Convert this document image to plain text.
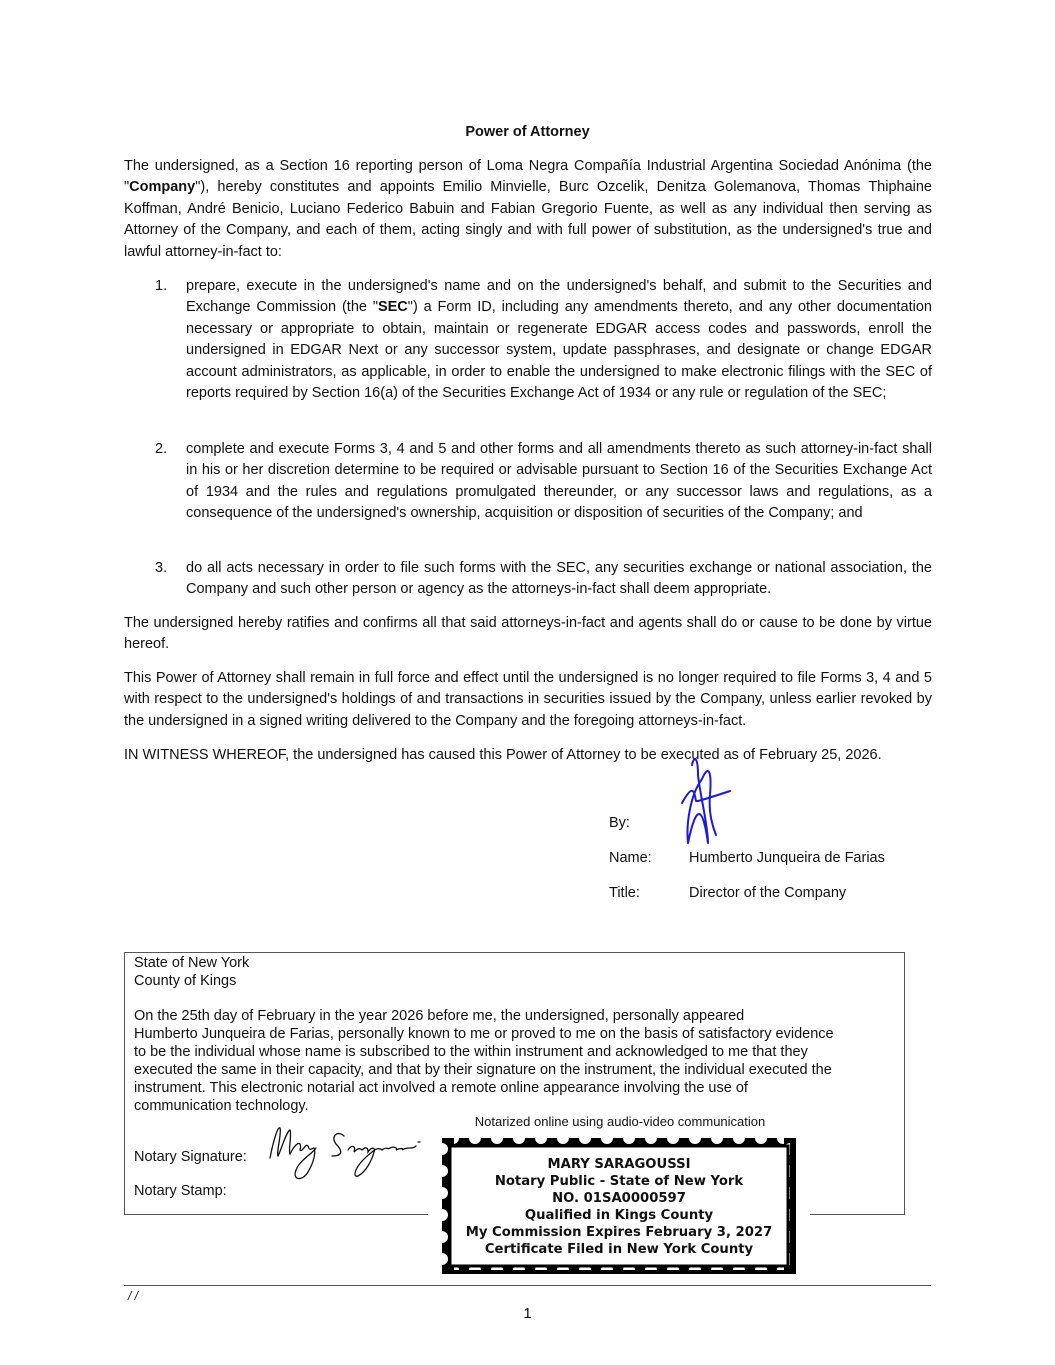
Power of Attorney

The undersigned, as a Section 16 reporting person of Loma Negra Compañía Industrial Argentina Sociedad Anónima (the "Company"), hereby constitutes and appoints Emilio Minvielle, Burc Ozcelik, Denitza Golemanova, Thomas Thiphaine Koffman, André Benicio, Luciano Federico Babuin and Fabian Gregorio Fuente, as well as any individual then serving as Attorney of the Company, and each of them, acting singly and with full power of substitution, as the undersigned's true and lawful attorney-in-fact to:

1. prepare, execute in the undersigned's name and on the undersigned's behalf, and submit to the Securities and Exchange Commission (the "SEC") a Form ID, including any amendments thereto, and any other documentation necessary or appropriate to obtain, maintain or regenerate EDGAR access codes and passwords, enroll the undersigned in EDGAR Next or any successor system, update passphrases, and designate or change EDGAR account administrators, as applicable, in order to enable the undersigned to make electronic filings with the SEC of reports required by Section 16(a) of the Securities Exchange Act of 1934 or any rule or regulation of the SEC;
2. complete and execute Forms 3, 4 and 5 and other forms and all amendments thereto as such attorney-in-fact shall in his or her discretion determine to be required or advisable pursuant to Section 16 of the Securities Exchange Act of 1934 and the rules and regulations promulgated thereunder, or any successor laws and regulations, as a consequence of the undersigned's ownership, acquisition or disposition of securities of the Company; and
3. do all acts necessary in order to file such forms with the SEC, any securities exchange or national association, the Company and such other person or agency as the attorneys-in-fact shall deem appropriate.

The undersigned hereby ratifies and confirms all that said attorneys-in-fact and agents shall do or cause to be done by virtue hereof.

This Power of Attorney shall remain in full force and effect until the undersigned is no longer required to file Forms 3, 4 and 5 with respect to the undersigned's holdings of and transactions in securities issued by the Company, unless earlier revoked by the undersigned in a signed writing delivered to the Company and the foregoing attorneys-in-fact.

IN WITNESS WHEREOF, the undersigned has caused this Power of Attorney to be executed as of February 25, 2026.

By:
Name:	Humberto Junqueira de Farias
Title:	Director of the Company
State of New York
County of Kings
On the 25th day of February in the year 2026 before me, the undersigned, personally appeared
Humberto Junqueira de Farias, personally known to me or proved to me on the basis of satisfactory evidence
to be the individual whose name is subscribed to the within instrument and acknowledged to me that they
executed the same in their capacity, and that by their signature on the instrument, the individual executed the
instrument. This electronic notarial act involved a remote online appearance involving the use of
communication technology.
Notary Signature:
Notary Stamp:
Notarized online using audio-video communication
MARY SARAGOUSSI
Notary Public - State of New York
NO. 01SA0000597
Qualified in Kings County
My Commission Expires February 3, 2027
Certificate Filed in New York County
/ /
1
